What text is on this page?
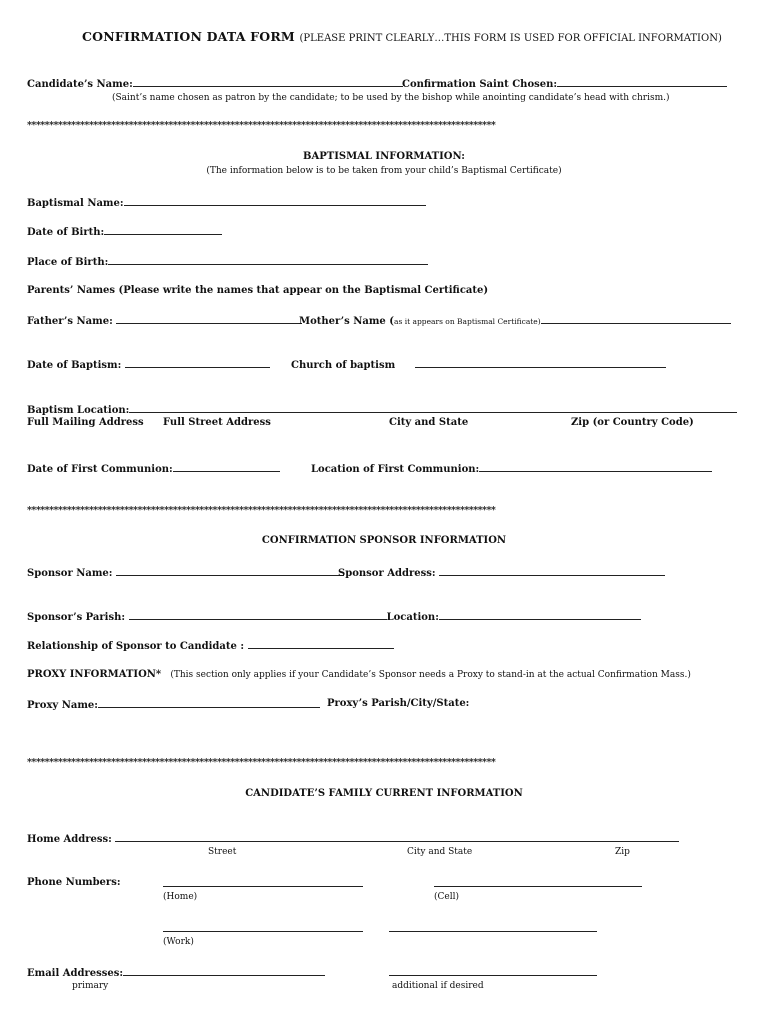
CONFIRMATION DATA FORM (PLEASE PRINT CLEARLY…THIS FORM IS USED FOR OFFICIAL INFORMATION)
Candidate’s Name:	Confirmation Saint Chosen:
(Saint’s name chosen as patron by the candidate; to be used by the bishop while anointing candidate’s head with chrism.)
**********************************************************************************************************
BAPTISMAL INFORMATION:
(The information below is to be taken from your child’s Baptismal Certificate)
Baptismal Name:
Date of Birth:
Place of Birth:
Parents’ Names (Please write the names that appear on the Baptismal Certificate)
Father’s Name:	Mother’s Name (as it appears on Baptismal Certificate)
Date of Baptism:	Church of baptism
Baptism Location:
Full Mailing Address Full Street Address	City and State	Zip (or Country Code)
Date of First Communion:	Location of First Communion:
**********************************************************************************************************
CONFIRMATION SPONSOR INFORMATION
Sponsor Name:	Sponsor Address:
Sponsor’s Parish:	Location:
Relationship of Sponsor to Candidate :
PROXY INFORMATION* (This section only applies if your Candidate’s Sponsor needs a Proxy to stand-in at the actual Confirmation Mass.)
Proxy Name:	Proxy’s Parish/City/State:
**********************************************************************************************************
CANDIDATE’S FAMILY CURRENT INFORMATION
Home Address:
Street	City and State	Zip
Phone Numbers:
(Home)	(Cell)
(Work)
Email Addresses:
primary	additional if desired
